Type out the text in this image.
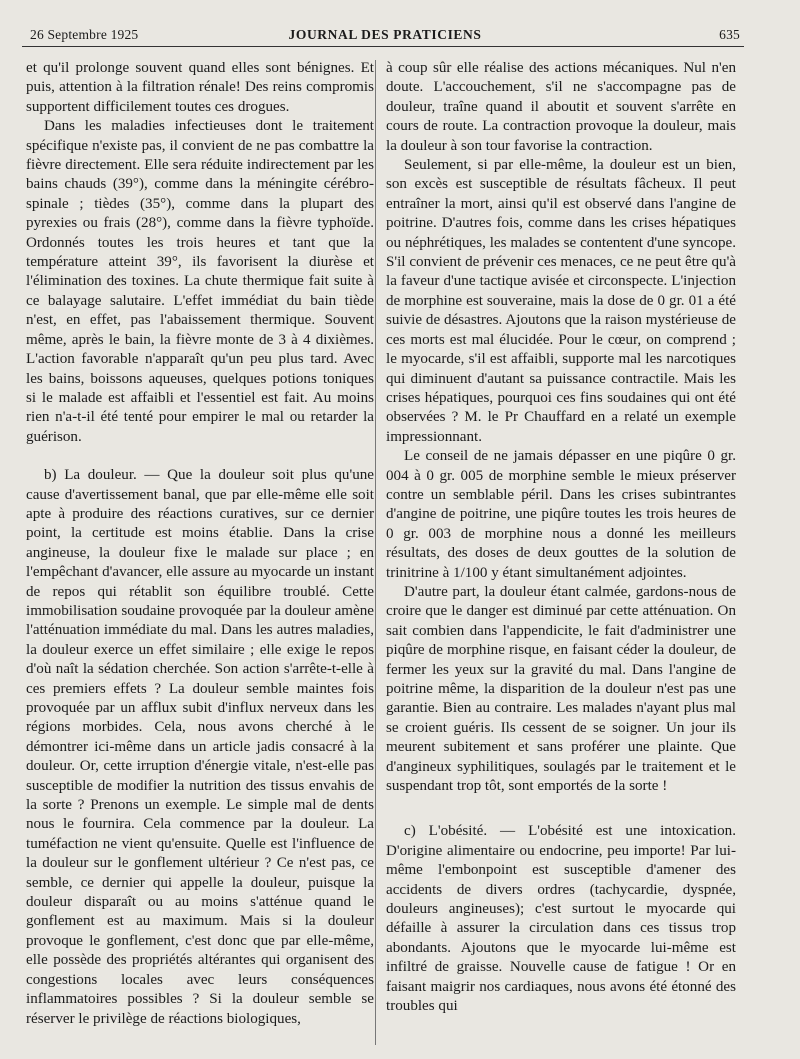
26 Septembre 1925	JOURNAL DES PRATICIENS	635

et qu'il prolonge souvent quand elles sont bénignes. Et puis, attention à la filtration rénale! Des reins compromis supportent difficilement toutes ces drogues.

Dans les maladies infectieuses dont le traitement spécifique n'existe pas, il convient de ne pas combattre la fièvre directement. Elle sera réduite indirectement par les bains chauds (39°), comme dans la méningite cérébro-spinale ; tièdes (35°), comme dans la plupart des pyrexies ou frais (28°), comme dans la fièvre typhoïde. Ordonnés toutes les trois heures et tant que la température atteint 39°, ils favorisent la diurèse et l'élimination des toxines. La chute thermique fait suite à ce balayage salutaire. L'effet immédiat du bain tiède n'est, en effet, pas l'abaissement thermique. Souvent même, après le bain, la fièvre monte de 3 à 4 dixièmes. L'action favorable n'apparaît qu'un peu plus tard. Avec les bains, boissons aqueuses, quelques potions toniques si le malade est affaibli et l'essentiel est fait. Au moins rien n'a-t-il été tenté pour empirer le mal ou retarder la guérison.

b) La douleur. — Que la douleur soit plus qu'une cause d'avertissement banal, que par elle-même elle soit apte à produire des réactions curatives, sur ce dernier point, la certitude est moins établie. Dans la crise angineuse, la douleur fixe le malade sur place ; en l'empêchant d'avancer, elle assure au myocarde un instant de repos qui rétablit son équilibre troublé. Cette immobilisation soudaine provoquée par la douleur amène l'atténuation immédiate du mal. Dans les autres maladies, la douleur exerce un effet similaire ; elle exige le repos d'où naît la sédation cherchée. Son action s'arrête-t-elle à ces premiers effets ? La douleur semble maintes fois provoquée par un afflux subit d'influx nerveux dans les régions morbides. Cela, nous avons cherché à le démontrer ici-même dans un article jadis consacré à la douleur. Or, cette irruption d'énergie vitale, n'est-elle pas susceptible de modifier la nutrition des tissus envahis de la sorte ? Prenons un exemple. Le simple mal de dents nous le fournira. Cela commence par la douleur. La tuméfaction ne vient qu'ensuite. Quelle est l'influence de la douleur sur le gonflement ultérieur ? Ce n'est pas, ce semble, ce dernier qui appelle la douleur, puisque la douleur disparaît ou au moins s'atténue quand le gonflement est au maximum. Mais si la douleur provoque le gonflement, c'est donc que par elle-même, elle possède des propriétés altérantes qui organisent des congestions locales avec leurs conséquences inflammatoires possibles ? Si la douleur semble se réserver le privilège de réactions biologiques,

à coup sûr elle réalise des actions mécaniques. Nul n'en doute. L'accouchement, s'il ne s'accompagne pas de douleur, traîne quand il aboutit et souvent s'arrête en cours de route. La contraction provoque la douleur, mais la douleur à son tour favorise la contraction.

Seulement, si par elle-même, la douleur est un bien, son excès est susceptible de résultats fâcheux. Il peut entraîner la mort, ainsi qu'il est observé dans l'angine de poitrine. D'autres fois, comme dans les crises hépatiques ou néphrétiques, les malades se contentent d'une syncope. S'il convient de prévenir ces menaces, ce ne peut être qu'à la faveur d'une tactique avisée et circonspecte. L'injection de morphine est souveraine, mais la dose de 0 gr. 01 a été suivie de désastres. Ajoutons que la raison mystérieuse de ces morts est mal élucidée. Pour le cœur, on comprend ; le myocarde, s'il est affaibli, supporte mal les narcotiques qui diminuent d'autant sa puissance contractile. Mais les crises hépatiques, pourquoi ces fins soudaines qui ont été observées ? M. le Pr Chauffard en a relaté un exemple impressionnant.

Le conseil de ne jamais dépasser en une piqûre 0 gr. 004 à 0 gr. 005 de morphine semble le mieux préserver contre un semblable péril. Dans les crises subintrantes d'angine de poitrine, une piqûre toutes les trois heures de 0 gr. 003 de morphine nous a donné les meilleurs résultats, des doses de deux gouttes de la solution de trinitrine à 1/100 y étant simultanément adjointes.

D'autre part, la douleur étant calmée, gardons-nous de croire que le danger est diminué par cette atténuation. On sait combien dans l'appendicite, le fait d'administrer une piqûre de morphine risque, en faisant céder la douleur, de fermer les yeux sur la gravité du mal. Dans l'angine de poitrine même, la disparition de la douleur n'est pas une garantie. Bien au contraire. Les malades n'ayant plus mal se croient guéris. Ils cessent de se soigner. Un jour ils meurent subitement et sans proférer une plainte. Que d'angineux syphilitiques, soulagés par le traitement et le suspendant trop tôt, sont emportés de la sorte !

c) L'obésité. — L'obésité est une intoxication. D'origine alimentaire ou endocrine, peu importe! Par lui-même l'embonpoint est susceptible d'amener des accidents de divers ordres (tachycardie, dyspnée, douleurs angineuses); c'est surtout le myocarde qui défaille à assurer la circulation dans ces tissus trop abondants. Ajoutons que le myocarde lui-même est infiltré de graisse. Nouvelle cause de fatigue ! Or en faisant maigrir nos cardiaques, nous avons été étonné des troubles qui
